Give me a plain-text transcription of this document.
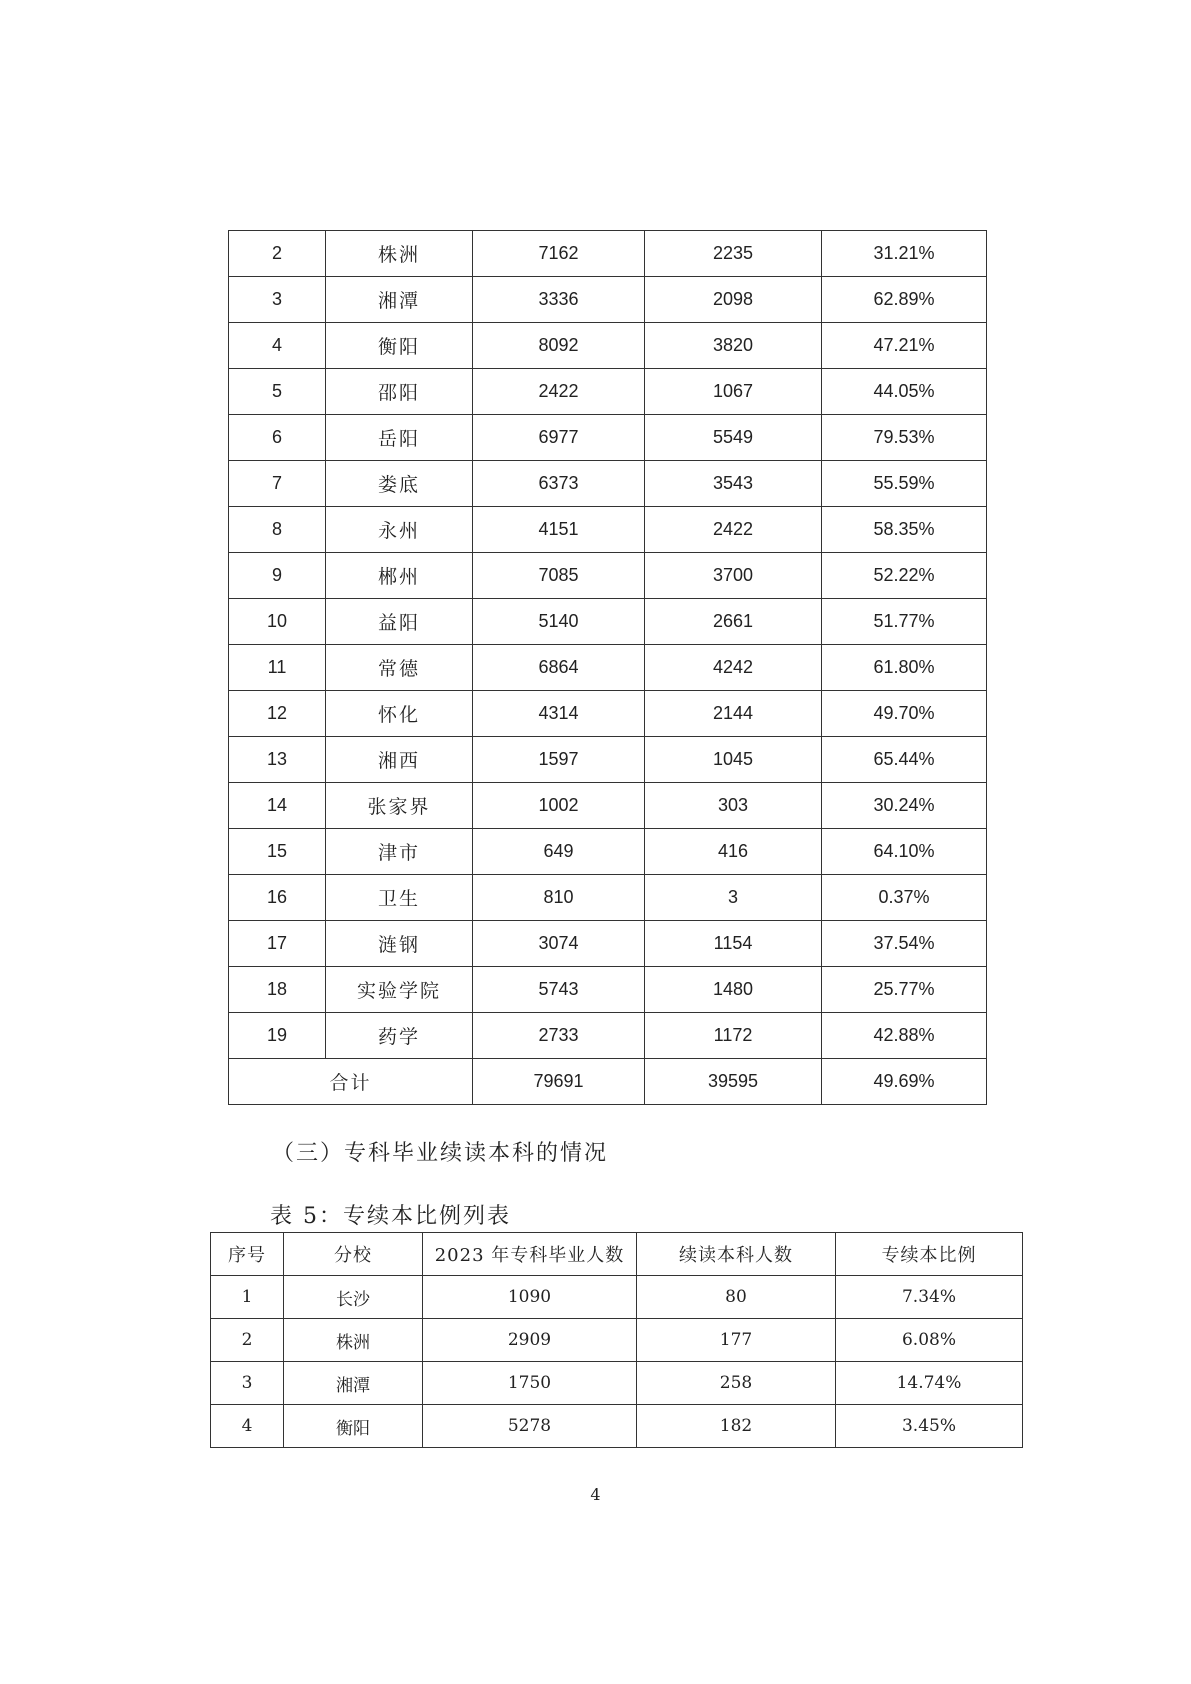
2	株洲	7162	2235	31.21%
3	湘潭	3336	2098	62.89%
4	衡阳	8092	3820	47.21%
5	邵阳	2422	1067	44.05%
6	岳阳	6977	5549	79.53%
7	娄底	6373	3543	55.59%
8	永州	4151	2422	58.35%
9	郴州	7085	3700	52.22%
10	益阳	5140	2661	51.77%
11	常德	6864	4242	61.80%
12	怀化	4314	2144	49.70%
13	湘西	1597	1045	65.44%
14	张家界	1002	303	30.24%
15	津市	649	416	64.10%
16	卫生	810	3	0.37%
17	涟钢	3074	1154	37.54%
18	实验学院	5743	1480	25.77%
19	药学	2733	1172	42.88%
合计		79691	39595	49.69%
（三）专科毕业续读本科的情况
表 5：专续本比例列表
序号	分校	2023 年专科毕业人数	续读本科人数	专续本比例
1	长沙	1090	80	7.34%
2	株洲	2909	177	6.08%
3	湘潭	1750	258	14.74%
4	衡阳	5278	182	3.45%
4
